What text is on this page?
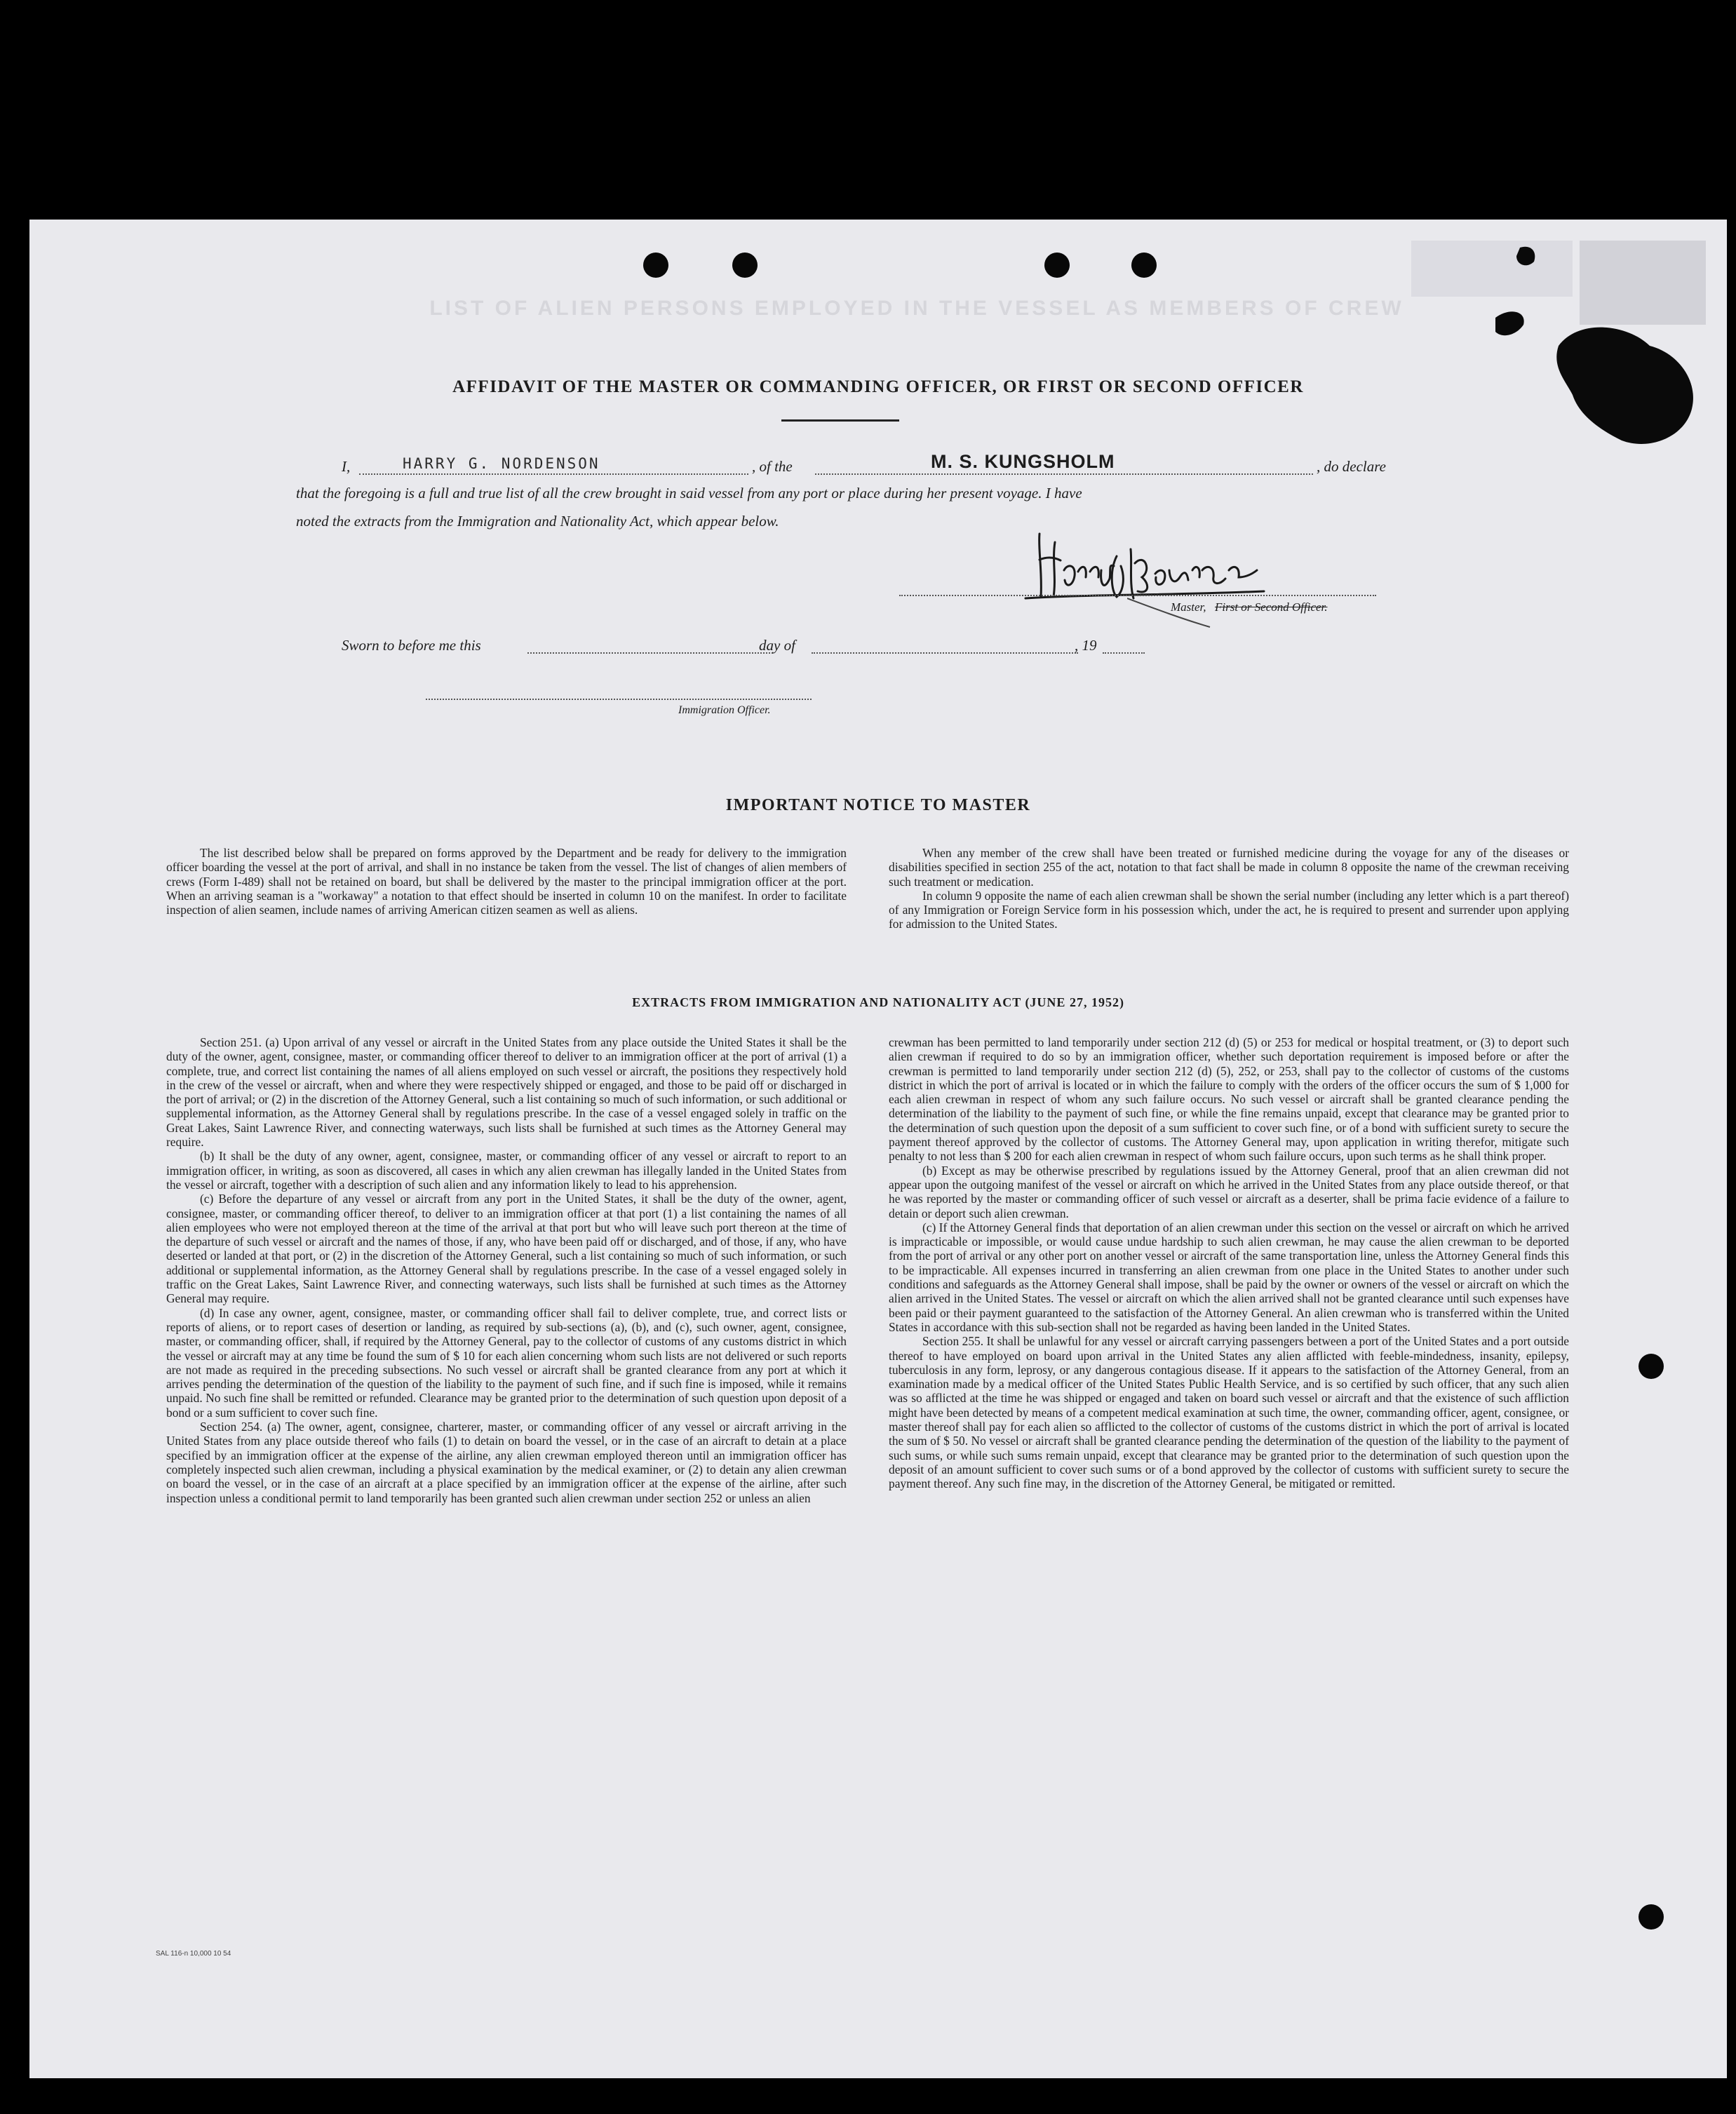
LIST OF ALIEN PERSONS EMPLOYED IN THE VESSEL AS MEMBERS OF CREW
AFFIDAVIT OF THE MASTER OR COMMANDING OFFICER, OR FIRST OR SECOND OFFICER
I,	HARRY G. NORDENSON	, of the	M. S. KUNGSHOLM	, do declare
that the foregoing is a full and true list of all the crew brought in said vessel from any port or place during her present voyage. I have
noted the extracts from the Immigration and Nationality Act, which appear below.
Master, First or Second Officer.
Sworn to before me this	day of	, 19
Immigration Officer.
IMPORTANT NOTICE TO MASTER

The list described below shall be prepared on forms approved by the Department and be ready for delivery to the immigration officer boarding the vessel at the port of arrival, and shall in no instance be taken from the vessel. The list of changes of alien members of crews (Form I-489) shall not be retained on board, but shall be delivered by the master to the principal immigration officer at the port. When an arriving seaman is a "workaway" a notation to that effect should be inserted in column 10 on the manifest. In order to facilitate inspection of alien seamen, include names of arriving American citizen seamen as well as aliens.

When any member of the crew shall have been treated or furnished medicine during the voyage for any of the diseases or disabilities specified in section 255 of the act, notation to that fact shall be made in column 8 opposite the name of the crewman receiving such treatment or medication.

In column 9 opposite the name of each alien crewman shall be shown the serial number (including any letter which is a part thereof) of any Immigration or Foreign Service form in his possession which, under the act, he is required to present and surrender upon applying for admission to the United States.

EXTRACTS FROM IMMIGRATION AND NATIONALITY ACT (JUNE 27, 1952)

Section 251. (a) Upon arrival of any vessel or aircraft in the United States from any place outside the United States it shall be the duty of the owner, agent, consignee, master, or commanding officer thereof to deliver to an immigration officer at the port of arrival (1) a complete, true, and correct list containing the names of all aliens employed on such vessel or aircraft, the positions they respectively hold in the crew of the vessel or aircraft, when and where they were respectively shipped or engaged, and those to be paid off or discharged in the port of arrival; or (2) in the discretion of the Attorney General, such a list containing so much of such information, or such additional or supplemental information, as the Attorney General shall by regulations prescribe. In the case of a vessel engaged solely in traffic on the Great Lakes, Saint Lawrence River, and connecting waterways, such lists shall be furnished at such times as the Attorney General may require.

(b) It shall be the duty of any owner, agent, consignee, master, or commanding officer of any vessel or aircraft to report to an immigration officer, in writing, as soon as discovered, all cases in which any alien crewman has illegally landed in the United States from the vessel or aircraft, together with a description of such alien and any information likely to lead to his apprehension.

(c) Before the departure of any vessel or aircraft from any port in the United States, it shall be the duty of the owner, agent, consignee, master, or commanding officer thereof, to deliver to an immigration officer at that port (1) a list containing the names of all alien employees who were not employed thereon at the time of the arrival at that port but who will leave such port thereon at the time of the departure of such vessel or aircraft and the names of those, if any, who have been paid off or discharged, and of those, if any, who have deserted or landed at that port, or (2) in the discretion of the Attorney General, such a list containing so much of such information, or such additional or supplemental information, as the Attorney General shall by regulations prescribe. In the case of a vessel engaged solely in traffic on the Great Lakes, Saint Lawrence River, and connecting waterways, such lists shall be furnished at such times as the Attorney General may require.

(d) In case any owner, agent, consignee, master, or commanding officer shall fail to deliver complete, true, and correct lists or reports of aliens, or to report cases of desertion or landing, as required by sub-sections (a), (b), and (c), such owner, agent, consignee, master, or commanding officer, shall, if required by the Attorney General, pay to the collector of customs of any customs district in which the vessel or aircraft may at any time be found the sum of $ 10 for each alien concerning whom such lists are not delivered or such reports are not made as required in the preceding subsections. No such vessel or aircraft shall be granted clearance from any port at which it arrives pending the determination of the question of the liability to the payment of such fine, and if such fine is imposed, while it remains unpaid. No such fine shall be remitted or refunded. Clearance may be granted prior to the determination of such question upon deposit of a bond or a sum sufficient to cover such fine.

Section 254. (a) The owner, agent, consignee, charterer, master, or commanding officer of any vessel or aircraft arriving in the United States from any place outside thereof who fails (1) to detain on board the vessel, or in the case of an aircraft to detain at a place specified by an immigration officer at the expense of the airline, any alien crewman employed thereon until an immigration officer has completely inspected such alien crewman, including a physical examination by the medical examiner, or (2) to detain any alien crewman on board the vessel, or in the case of an aircraft at a place specified by an immigration officer at the expense of the airline, after such inspection unless a conditional permit to land temporarily has been granted such alien crewman under section 252 or unless an alien

crewman has been permitted to land temporarily under section 212 (d) (5) or 253 for medical or hospital treatment, or (3) to deport such alien crewman if required to do so by an immigration officer, whether such deportation requirement is imposed before or after the crewman is permitted to land temporarily under section 212 (d) (5), 252, or 253, shall pay to the collector of customs of the customs district in which the port of arrival is located or in which the failure to comply with the orders of the officer occurs the sum of $ 1,000 for each alien crewman in respect of whom any such failure occurs. No such vessel or aircraft shall be granted clearance pending the determination of the liability to the payment of such fine, or while the fine remains unpaid, except that clearance may be granted prior to the determination of such question upon the deposit of a sum sufficient to cover such fine, or of a bond with sufficient surety to secure the payment thereof approved by the collector of customs. The Attorney General may, upon application in writing therefor, mitigate such penalty to not less than $ 200 for each alien crewman in respect of whom such failure occurs, upon such terms as he shall think proper.

(b) Except as may be otherwise prescribed by regulations issued by the Attorney General, proof that an alien crewman did not appear upon the outgoing manifest of the vessel or aircraft on which he arrived in the United States from any place outside thereof, or that he was reported by the master or commanding officer of such vessel or aircraft as a deserter, shall be prima facie evidence of a failure to detain or deport such alien crewman.

(c) If the Attorney General finds that deportation of an alien crewman under this section on the vessel or aircraft on which he arrived is impracticable or impossible, or would cause undue hardship to such alien crewman, he may cause the alien crewman to be deported from the port of arrival or any other port on another vessel or aircraft of the same transportation line, unless the Attorney General finds this to be impracticable. All expenses incurred in transferring an alien crewman from one place in the United States to another under such conditions and safeguards as the Attorney General shall impose, shall be paid by the owner or owners of the vessel or aircraft on which the alien arrived in the United States. The vessel or aircraft on which the alien arrived shall not be granted clearance until such expenses have been paid or their payment guaranteed to the satisfaction of the Attorney General. An alien crewman who is transferred within the United States in accordance with this sub-section shall not be regarded as having been landed in the United States.

Section 255. It shall be unlawful for any vessel or aircraft carrying passengers between a port of the United States and a port outside thereof to have employed on board upon arrival in the United States any alien afflicted with feeble-mindedness, insanity, epilepsy, tuberculosis in any form, leprosy, or any dangerous contagious disease. If it appears to the satisfaction of the Attorney General, from an examination made by a medical officer of the United States Public Health Service, and is so certified by such officer, that any such alien was so afflicted at the time he was shipped or engaged and taken on board such vessel or aircraft and that the existence of such affliction might have been detected by means of a competent medical examination at such time, the owner, commanding officer, agent, consignee, or master thereof shall pay for each alien so afflicted to the collector of customs of the customs district in which the port of arrival is located the sum of $ 50. No vessel or aircraft shall be granted clearance pending the determination of the question of the liability to the payment of such sums, or while such sums remain unpaid, except that clearance may be granted prior to the determination of such question upon the deposit of an amount sufficient to cover such sums or of a bond approved by the collector of customs with sufficient surety to secure the payment thereof. Any such fine may, in the discretion of the Attorney General, be mitigated or remitted.

SAL 116-n 10,000 10 54
